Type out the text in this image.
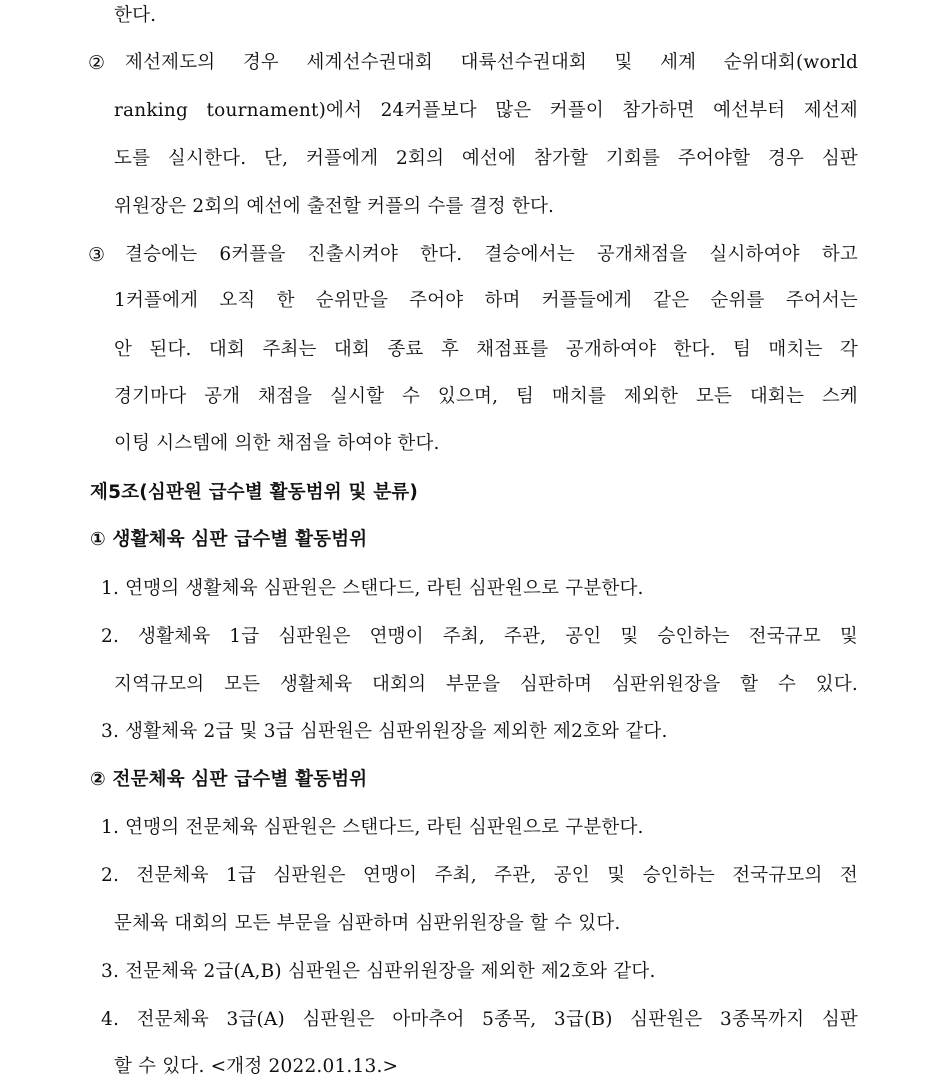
한다.
② 제선제도의 경우 세계선수권대회 대륙선수권대회 및 세계 순위대회(world
ranking tournament)에서 24커플보다 많은 커플이 참가하면 예선부터 제선제
도를 실시한다. 단, 커플에게 2회의 예선에 참가할 기회를 주어야할 경우 심판
위원장은 2회의 예선에 출전할 커플의 수를 결정 한다.
③ 결승에는 6커플을 진출시켜야 한다. 결승에서는 공개채점을 실시하여야 하고
1커플에게 오직 한 순위만을 주어야 하며 커플들에게 같은 순위를 주어서는
안 된다. 대회 주최는 대회 종료 후 채점표를 공개하여야 한다. 팀 매치는 각
경기마다 공개 채점을 실시할 수 있으며, 팀 매치를 제외한 모든 대회는 스케
이팅 시스템에 의한 채점을 하여야 한다.
제5조(심판원 급수별 활동범위 및 분류)
① 생활체육 심판 급수별 활동범위
1. 연맹의 생활체육 심판원은 스탠다드, 라틴 심판원으로 구분한다.
2. 생활체육 1급 심판원은 연맹이 주최, 주관, 공인 및 승인하는 전국규모 및
지역규모의 모든 생활체육 대회의 부문을 심판하며 심판위원장을 할 수 있다.
3. 생활체육 2급 및 3급 심판원은 심판위원장을 제외한 제2호와 같다.
② 전문체육 심판 급수별 활동범위
1. 연맹의 전문체육 심판원은 스탠다드, 라틴 심판원으로 구분한다.
2. 전문체육 1급 심판원은 연맹이 주최, 주관, 공인 및 승인하는 전국규모의 전
문체육 대회의 모든 부문을 심판하며 심판위원장을 할 수 있다.
3. 전문체육 2급(A,B) 심판원은 심판위원장을 제외한 제2호와 같다.
4. 전문체육 3급(A) 심판원은 아마추어 5종목, 3급(B) 심판원은 3종목까지 심판
할 수 있다. <개정 2022.01.13.>
